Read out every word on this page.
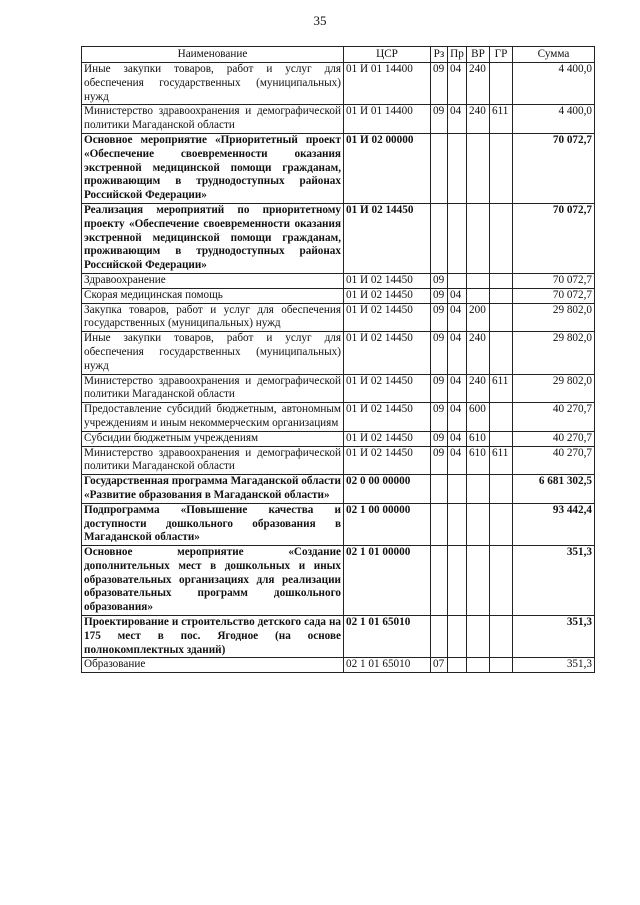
35
Наименование	ЦСР	Рз	Пр	ВР	ГР	Сумма
Иные закупки товаров, работ и услуг для обеспечения государственных (муниципальных) нужд	01 И 01 14400	09	04	240		4 400,0
Министерство здравоохранения и демографической политики Магаданской области	01 И 01 14400	09	04	240	611	4 400,0
Основное мероприятие «Приоритетный проект «Обеспечение своевременности оказания экстренной медицинской помощи гражданам, проживающим в труднодоступных районах Российской Федерации»	01 И 02 00000					70 072,7
Реализация мероприятий по приоритетному проекту «Обеспечение своевременности оказания экстренной медицинской помощи гражданам, проживающим в труднодоступных районах Российской Федерации»	01 И 02 14450					70 072,7
Здравоохранение	01 И 02 14450	09				70 072,7
Скорая медицинская помощь	01 И 02 14450	09	04			70 072,7
Закупка товаров, работ и услуг для обеспечения государственных (муниципальных) нужд	01 И 02 14450	09	04	200		29 802,0
Иные закупки товаров, работ и услуг для обеспечения государственных (муниципальных) нужд	01 И 02 14450	09	04	240		29 802,0
Министерство здравоохранения и демографической политики Магаданской области	01 И 02 14450	09	04	240	611	29 802,0
Предоставление субсидий бюджетным, автономным учреждениям и иным некоммерческим организациям	01 И 02 14450	09	04	600		40 270,7
Субсидии бюджетным учреждениям	01 И 02 14450	09	04	610		40 270,7
Министерство здравоохранения и демографической политики Магаданской области	01 И 02 14450	09	04	610	611	40 270,7
Государственная программа Магаданской области «Развитие образования в Магаданской области»	02 0 00 00000					6 681 302,5
Подпрограмма «Повышение качества и доступности дошкольного образования в Магаданской области»	02 1 00 00000					93 442,4
Основное мероприятие «Создание дополнительных мест в дошкольных и иных образовательных организациях для реализации образовательных программ дошкольного образования»	02 1 01 00000					351,3
Проектирование и строительство детского сада на 175 мест в пос. Ягодное (на основе полнокомплектных зданий)	02 1 01 65010					351,3
Образование	02 1 01 65010	07				351,3
